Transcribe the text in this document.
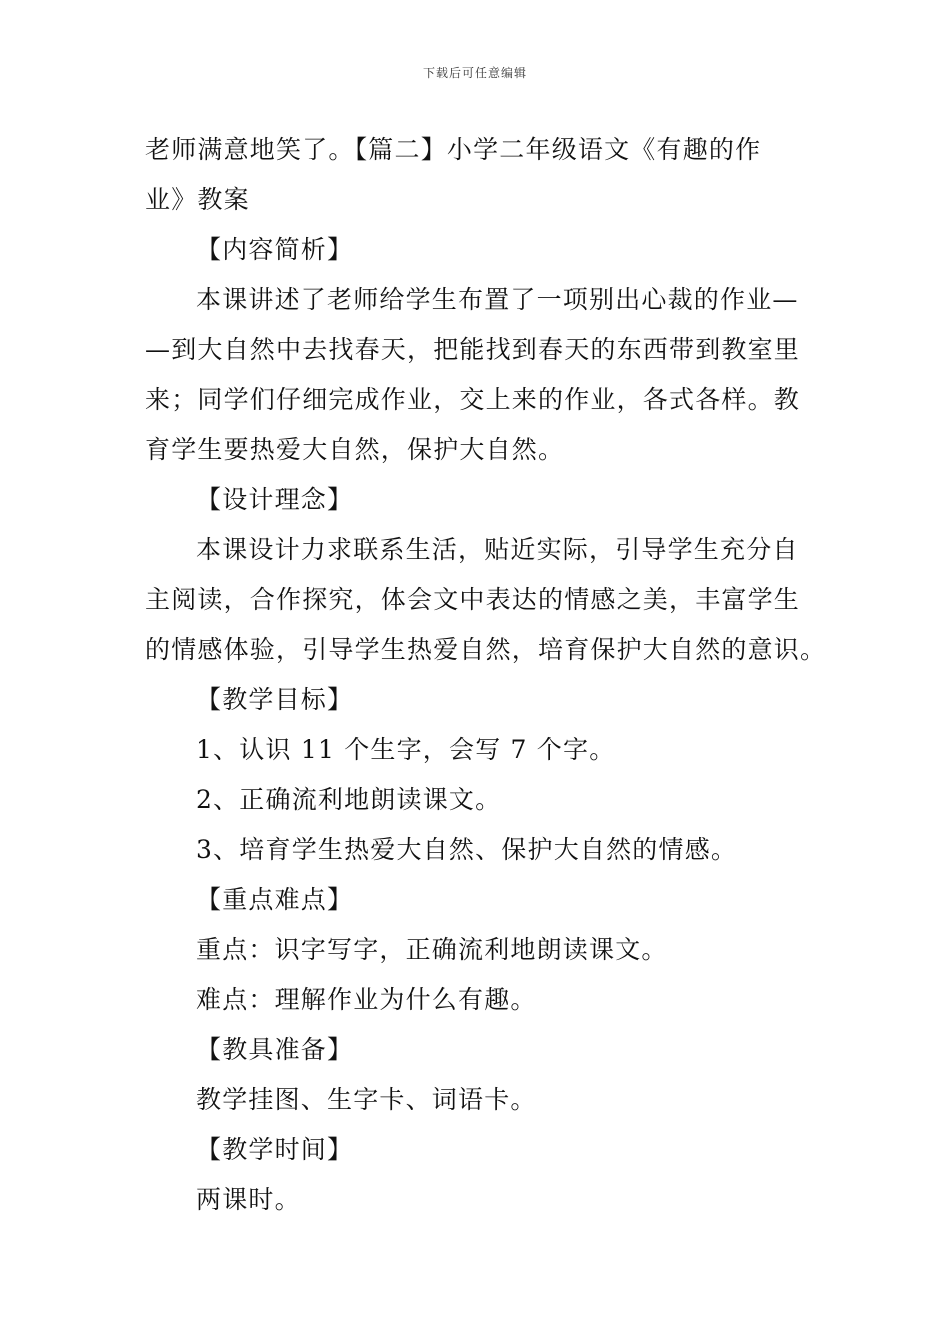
下载后可任意编辑
老师满意地笑了。【篇二】小学二年级语文《有趣的作
业》教案
【内容简析】
本课讲述了老师给学生布置了一项别出心裁的作业—
—到大自然中去找春天，把能找到春天的东西带到教室里
来；同学们仔细完成作业，交上来的作业，各式各样。教
育学生要热爱大自然，保护大自然。
【设计理念】
本课设计力求联系生活，贴近实际，引导学生充分自
主阅读，合作探究，体会文中表达的情感之美，丰富学生
的情感体验，引导学生热爱自然，培育保护大自然的意识。
【教学目标】
1、认识 11 个生字，会写 7 个字。
2、正确流利地朗读课文。
3、培育学生热爱大自然、保护大自然的情感。
【重点难点】
重点：识字写字，正确流利地朗读课文。
难点：理解作业为什么有趣。
【教具准备】
教学挂图、生字卡、词语卡。
【教学时间】
两课时。
